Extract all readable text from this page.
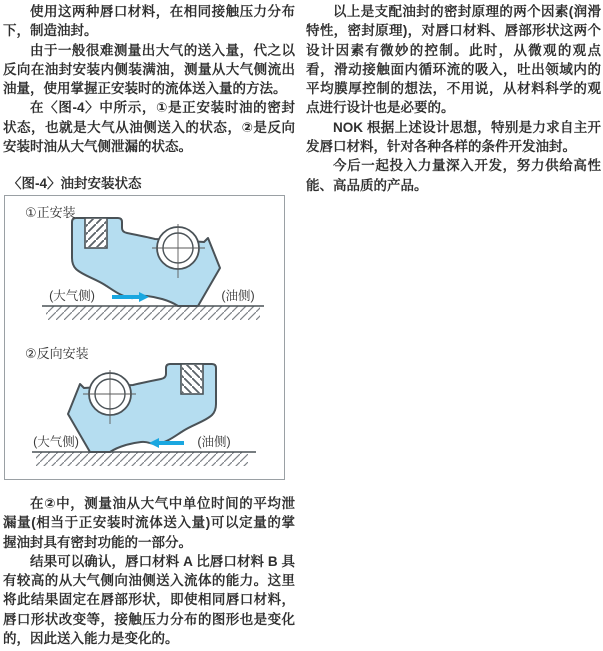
使用这两种唇口材料，在相同接触压力分布下，制造油封。

由于一般很难测量出大气的送入量，代之以反向在油封安装内侧装满油，测量从大气侧流出油量，使用掌握正安装时的流体送入量的方法。

在〈图-4〉中所示，①是正安装时油的密封状态，也就是大气从油侧送入的状态，②是反向安装时油从大气侧泄漏的状态。

〈图-4〉油封安装状态
①正安装
(大气侧)	(油侧)
②反向安装
(大气侧)	(油侧)

在②中，测量油从大气中单位时间的平均泄漏量(相当于正安装时流体送入量)可以定量的掌握油封具有密封功能的一部分。

结果可以确认，唇口材料 A 比唇口材料 B 具有较高的从大气侧向油侧送入流体的能力。这里将此结果固定在唇部形状，即使相同唇口材料，唇口形状改变等，接触压力分布的图形也是变化的，因此送入能力是变化的。

以上是支配油封的密封原理的两个因素(润滑特性，密封原理)，对唇口材料、唇部形状这两个设计因素有微妙的控制。此时，从微观的观点看，滑动接触面内循环流的吸入，吐出领域内的平均膜厚控制的想法，不用说，从材料科学的观点进行设计也是必要的。

NOK 根据上述设计思想，特别是力求自主开发唇口材料，针对各种各样的条件开发油封。

今后一起投入力量深入开发，努力供给高性能、高品质的产品。
